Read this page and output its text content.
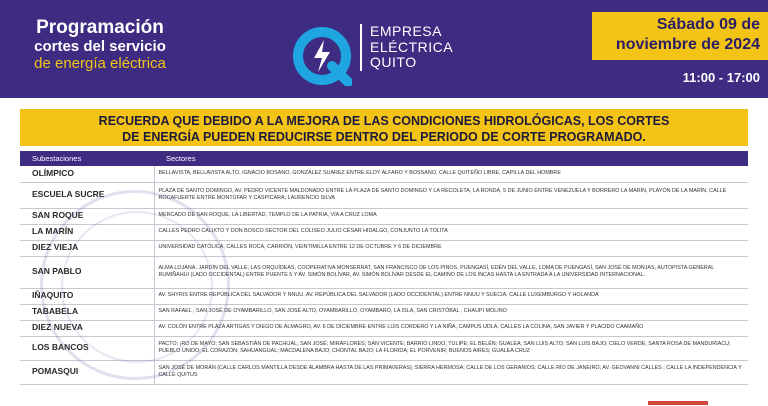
Programación
cortes del servicio
de energía eléctrica
EMPRESA
ELÉCTRICA
QUITO
Sábado 09 de
noviembre de 2024
11:00 - 17:00
RECUERDA QUE DEBIDO A LA MEJORA DE LAS CONDICIONES HIDROLÓGICAS, LOS CORTES
DE ENERGÍA PUEDEN REDUCIRSE DENTRO DEL PERIODO DE CORTE PROGRAMADO.
Subestaciones	Sectores
OLÍMPICO	BELLAVISTA, BELLAVISTA ALTO, IGNACIO BOSANO, GONZÁLEZ SUAREZ ENTRE ELOY ALFARO Y BOSSANO, CALLE QUITEÑO LIBRE, CAPILLA DEL HOMBRE
ESCUELA SUCRE	PLAZA DE SANTO DOMINGO, AV. PEDRO VICENTE MALDONADO ENTRE LA PLAZA DE SANTO DOMINGO Y LA RECOLETA, LA RONDA, 5 DE JUNIO ENTRE VENEZUELA Y BORRERO LA MARÍN, PLAYÓN DE LA MARÍN, CALLE ROCAFUERTE ENTRE MONTÚFAR Y CASPICARA, LAURENCIO SILVA
SAN ROQUE	MERCADO DE SAN ROQUE, LA LIBERTAD, TEMPLO DE LA PATRIA, VÍA A CRUZ LOMA
LA MARÍN	CALLES PEDRO CALIXTO Y DON BOSCO SECTOR DEL COLISEO JULIO CÉSAR HIDALGO, CONJUNTO LA TOLITA
DIEZ VIEJA	UNIVERSIDAD CATÓLICA, CALLES ROCA, CARRIÓN, VEINTIMILLA ENTRE 12 DE OCTUBRE Y 6 DE DICIEMBRE
SAN PABLO	ALMA LOJANA, JARDÍN DEL VALLE, LAS ORQUÍDEAS, COOPERATIVA MONSERRAT, SAN FRANCISCO DE LOS PINOS, PUENGASÍ, EDÉN DEL VALLE, LOMA DE PUENGASÍ, SAN JOSÉ DE MONJAS, AUTOPISTA GENERAL RUMIÑAHUI (LADO OCCIDENTAL) ENTRE PUENTE 5 Y AV. SIMÓN BOLÍVAR, AV. SIMÓN BOLÍVAR DESDE EL CAMINO DE LOS INCAS HASTA LA ENTRADA A LA UNIVERSIDAD INTERNACIONAL.
IÑAQUITO	AV. SHYRIS ENTRE REPÚBLICA DEL SALVADOR Y NNUU, AV. REPÚBLICA DEL SALVADOR (LADO OCCIDENTAL) ENTRE NNUU Y SUECIA, CALLE LUXEMBURGO Y HOLANDA
TABABELA	SAN RAFAEL , SAN JOSÉ DE OYAMBARILLO, SAN JOSÉ ALTO, OYAMBARILLO, OYAMBARO, LA ISLA, SAN CRISTÓBAL , CHAUPI MOLINO
DIEZ NUEVA	AV. COLÓN ENTRE PLAZA ARTIGAS Y DIEGO DE ALMAGRO, AV. 6 DE DICIEMBRE ENTRE LUIS CORDERO Y LA NIÑA, CAMPUS UDLA, CALLES LA COLINA, SAN JAVIER Y PLACIDO CAAMAÑO
LOS BANCOS	PACTO; ¡RO DE MAYO; SAN SEBASTIÁN DE PACHIJAL; SAN JOSÉ; MIRAFLORES; SAN VICENTE; BARRIO LINDO; TULIPE; EL BELÉN; GUALEA; SAN LUIS ALTO; SAN LUIS BAJO; CIELO VERDE; SANTA ROSA DE MANDURIACU; PUEBLO UNIDO; EL CORAZÓN; SAHUANGUAL; MACDALENA BAJO; CHONTAL BAJO; LA FLORIDA; EL PORVENIR; BUENOS AIRES; GUALEA CRUZ
POMASQUI	SAN JOSÉ DE MORÁN (CALLE CARLOS MANTILLA DESDE ALAMBRA HASTA DE LAS PRIMAVERAS); SIERRA HERMOSA; CALLE DE LOS GERANIOS; CALLE RÍO DE JANEIRO; AV. GEOVANNI CALLES ; CALLE LA INDEPENDENCIA Y CALLE QUITUS
